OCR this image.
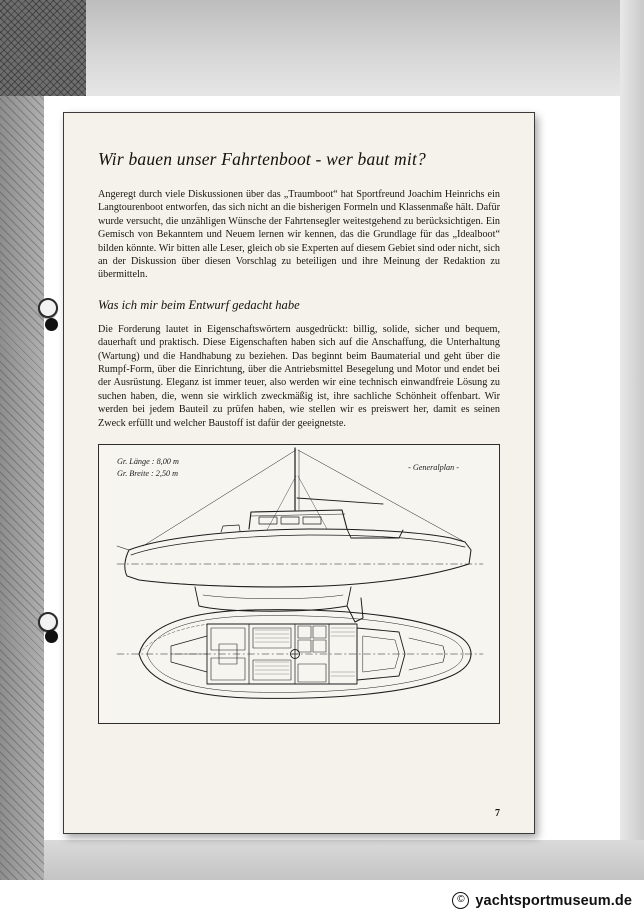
Wir bauen unser Fahrtenboot - wer baut mit?

Angeregt durch viele Diskussionen über das „Traumboot“ hat Sportfreund Joachim Heinrichs ein Langtourenboot entworfen, das sich nicht an die bisherigen Formeln und Klassenmaße hält. Dafür wurde versucht, die unzähligen Wünsche der Fahrtensegler weitestgehend zu berücksichtigen. Ein Gemisch von Bekanntem und Neuem lernen wir kennen, das die Grundlage für das „Idealboot“ bilden könnte. Wir bitten alle Leser, gleich ob sie Experten auf diesem Gebiet sind oder nicht, sich an der Diskussion über diesen Vorschlag zu beteiligen und ihre Meinung der Redaktion zu übermitteln.

Was ich mir beim Entwurf gedacht habe

Die Forderung lautet in Eigenschaftswörtern ausgedrückt: billig, solide, sicher und bequem, dauerhaft und praktisch. Diese Eigenschaften haben sich auf die Anschaffung, die Unterhaltung (Wartung) und die Handhabung zu beziehen. Das beginnt beim Baumaterial und geht über die Rumpf-Form, über die Einrichtung, über die Antriebsmittel Besegelung und Motor und endet bei der Ausrüstung. Eleganz ist immer teuer, also werden wir eine technisch einwandfreie Lösung zu suchen haben, die, wenn sie wirklich zweckmäßig ist, ihre sachliche Schönheit offenbart. Wir werden bei jedem Bauteil zu prüfen haben, wie stellen wir es preiswert her, damit es seinen Zweck erfüllt und welcher Baustoff ist dafür der geeignetste.

Gr. Länge : 8,00 m
Gr. Breite : 2,50 m
- Generalplan -
7
© yachtsportmuseum.de
